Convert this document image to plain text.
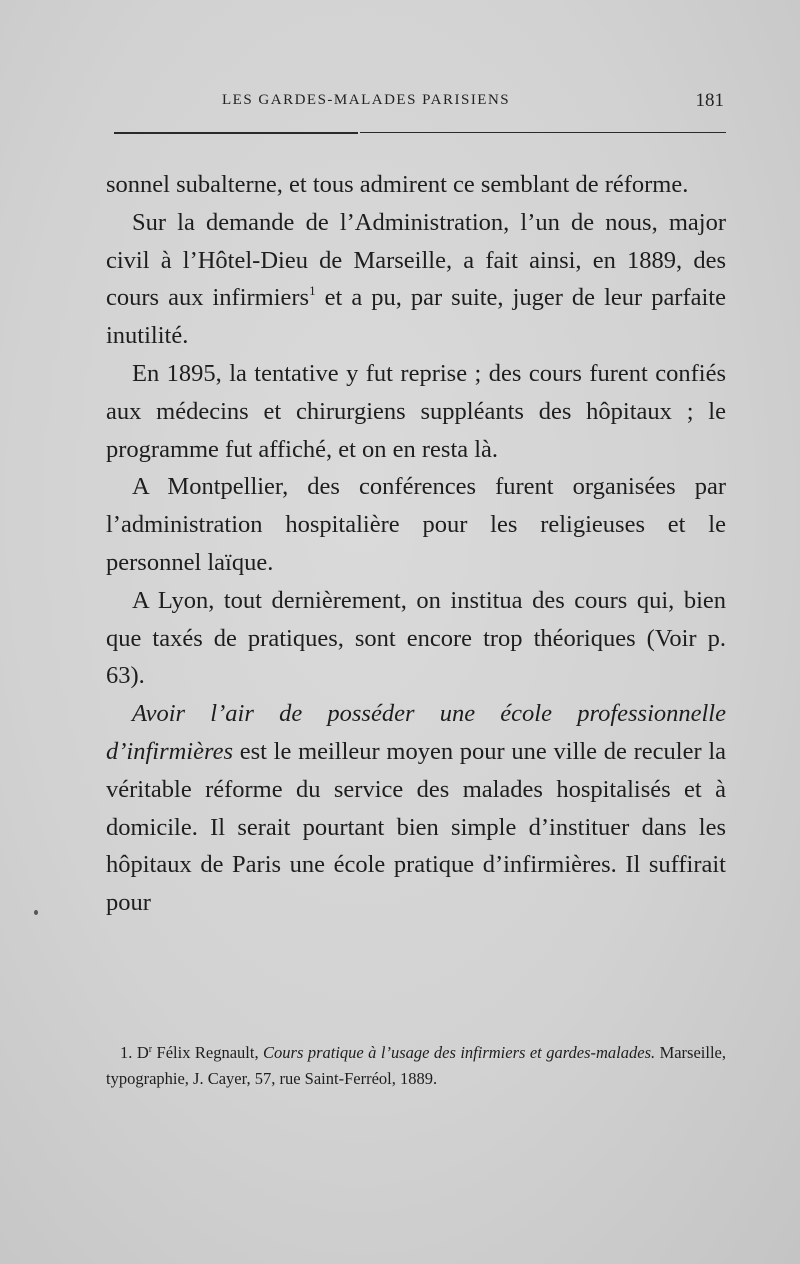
LES GARDES-MALADES PARISIENS	181

sonnel subalterne, et tous admirent ce semblant de réforme.

Sur la demande de l’Administration, l’un de nous, major civil à l’Hôtel-Dieu de Marseille, a fait ainsi, en 1889, des cours aux infirmiers$^1$ et a pu, par suite, juger de leur parfaite inutilité.

En 1895, la tentative y fut reprise ; des cours furent confiés aux médecins et chirurgiens suppléants des hôpitaux ; le programme fut affiché, et on en resta là.

A Montpellier, des conférences furent organisées par l’administration hospitalière pour les religieuses et le personnel laïque.

A Lyon, tout dernièrement, on institua des cours qui, bien que taxés de pratiques, sont encore trop théoriques (Voir p. 63).

Avoir l’air de posséder une école professionnelle d’infirmières est le meilleur moyen pour une ville de reculer la véritable réforme du service des malades hospitalisés et à domicile. Il serait pourtant bien simple d’instituer dans les hôpitaux de Paris une école pratique d’infirmières. Il suffirait pour

1. $D^r$ Félix Regnault, Cours pratique à l’usage des infirmiers et gardes-malades. Marseille, typographie, J. Cayer, 57, rue Saint-Ferréol, 1889.
